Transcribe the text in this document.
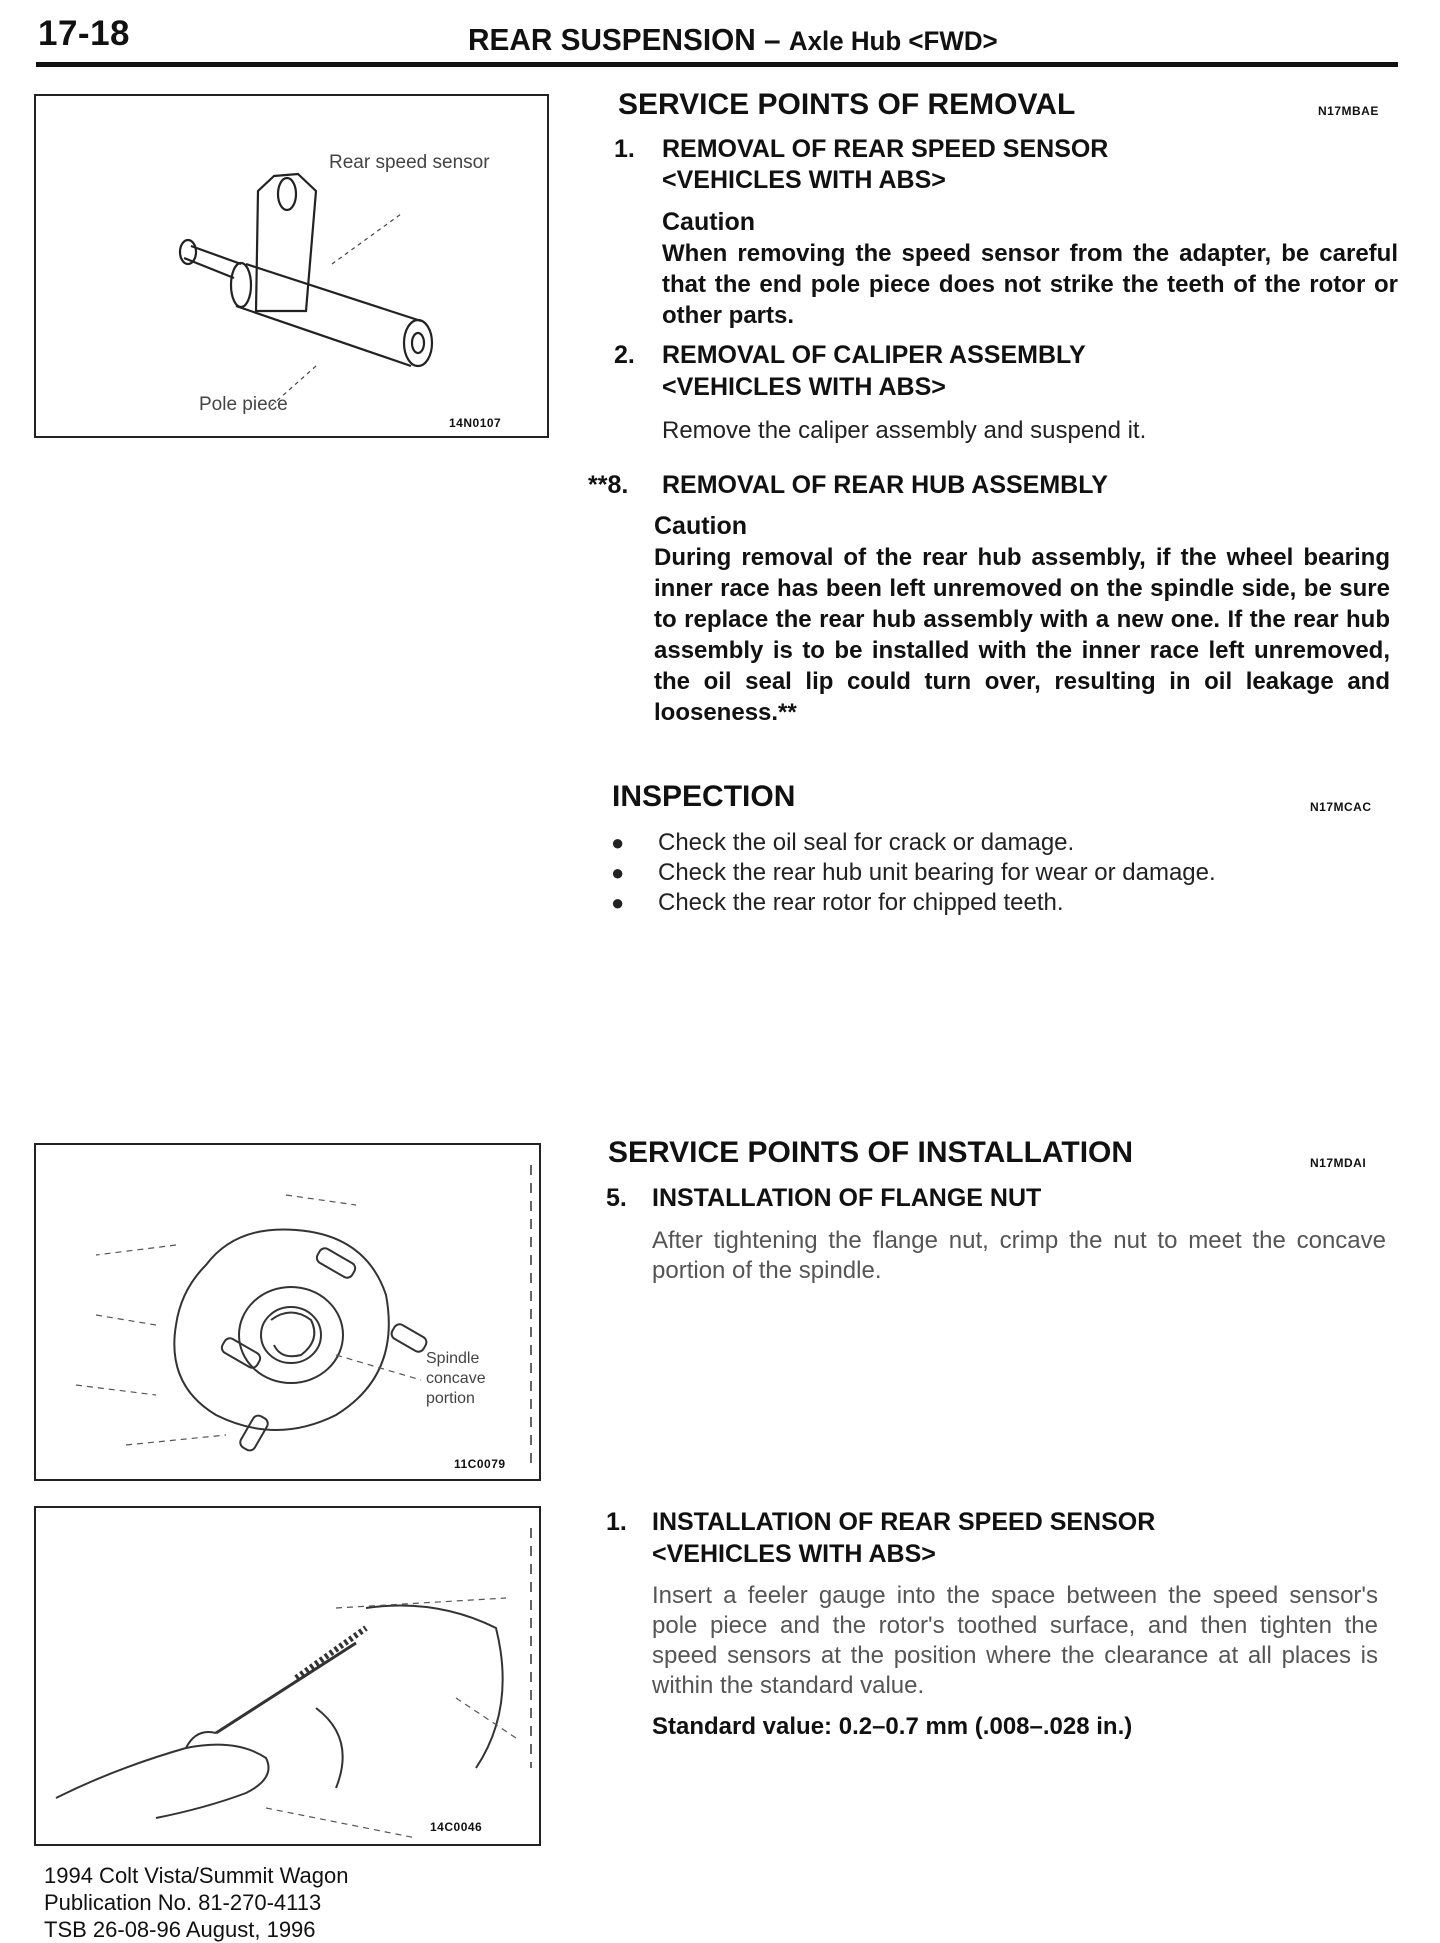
17-18	REAR SUSPENSION – Axle Hub <FWD>
Rear speed sensor
Pole piece
14N0107
SERVICE POINTS OF REMOVAL	N17MBAE
1. REMOVAL OF REAR SPEED SENSOR
<VEHICLES WITH ABS>
Caution
When removing the speed sensor from the adapter, be careful that the end pole piece does not strike the teeth of the rotor or other parts.
2. REMOVAL OF CALIPER ASSEMBLY
<VEHICLES WITH ABS>
Remove the caliper assembly and suspend it.
**8. REMOVAL OF REAR HUB ASSEMBLY
Caution
During removal of the rear hub assembly, if the wheel bearing inner race has been left unremoved on the spindle side, be sure to replace the rear hub assembly with a new one. If the rear hub assembly is to be installed with the inner race left unremoved, the oil seal lip could turn over, resulting in oil leakage and looseness.**
INSPECTION	N17MCAC
● Check the oil seal for crack or damage.
● Check the rear hub unit bearing for wear or damage.
● Check the rear rotor for chipped teeth.
Spindle
concave
portion
11C0079
SERVICE POINTS OF INSTALLATION	N17MDAI
5. INSTALLATION OF FLANGE NUT
After tightening the flange nut, crimp the nut to meet the concave portion of the spindle.
14C0046
1. INSTALLATION OF REAR SPEED SENSOR
<VEHICLES WITH ABS>
Insert a feeler gauge into the space between the speed sensor's pole piece and the rotor's toothed surface, and then tighten the speed sensors at the position where the clearance at all places is within the standard value.
Standard value: 0.2–0.7 mm (.008–.028 in.)
1994 Colt Vista/Summit Wagon
Publication No. 81-270-4113
TSB 26-08-96 August, 1996
